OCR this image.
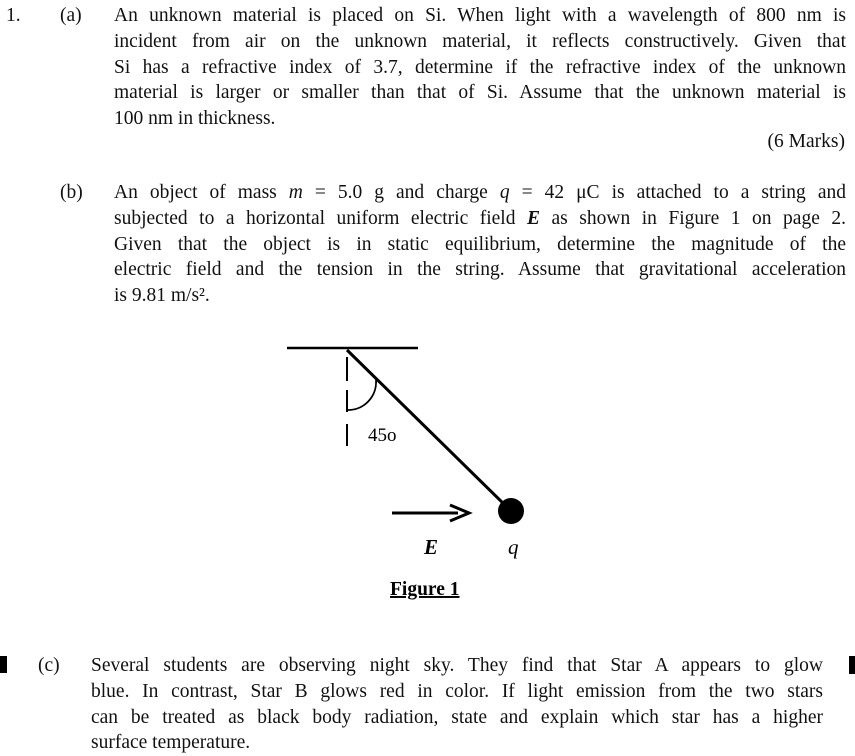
1. (a) An unknown material is placed on Si. When light with a wavelength of 800 nm is
incident from air on the unknown material, it reflects constructively. Given that
Si has a refractive index of 3.7, determine if the refractive index of the unknown
material is larger or smaller than that of Si. Assume that the unknown material is
100 nm in thickness.
(6 Marks)
(b) An object of mass m = 5.0 g and charge q = 42 μC is attached to a string and
subjected to a horizontal uniform electric field E as shown in Figure 1 on page 2.
Given that the object is in static equilibrium, determine the magnitude of the
electric field and the tension in the string. Assume that gravitational acceleration
is 9.81 m/s².
45o
E	q
Figure 1
(c) Several students are observing night sky. They find that Star A appears to glow
blue. In contrast, Star B glows red in color. If light emission from the two stars
can be treated as black body radiation, state and explain which star has a higher
surface temperature.
